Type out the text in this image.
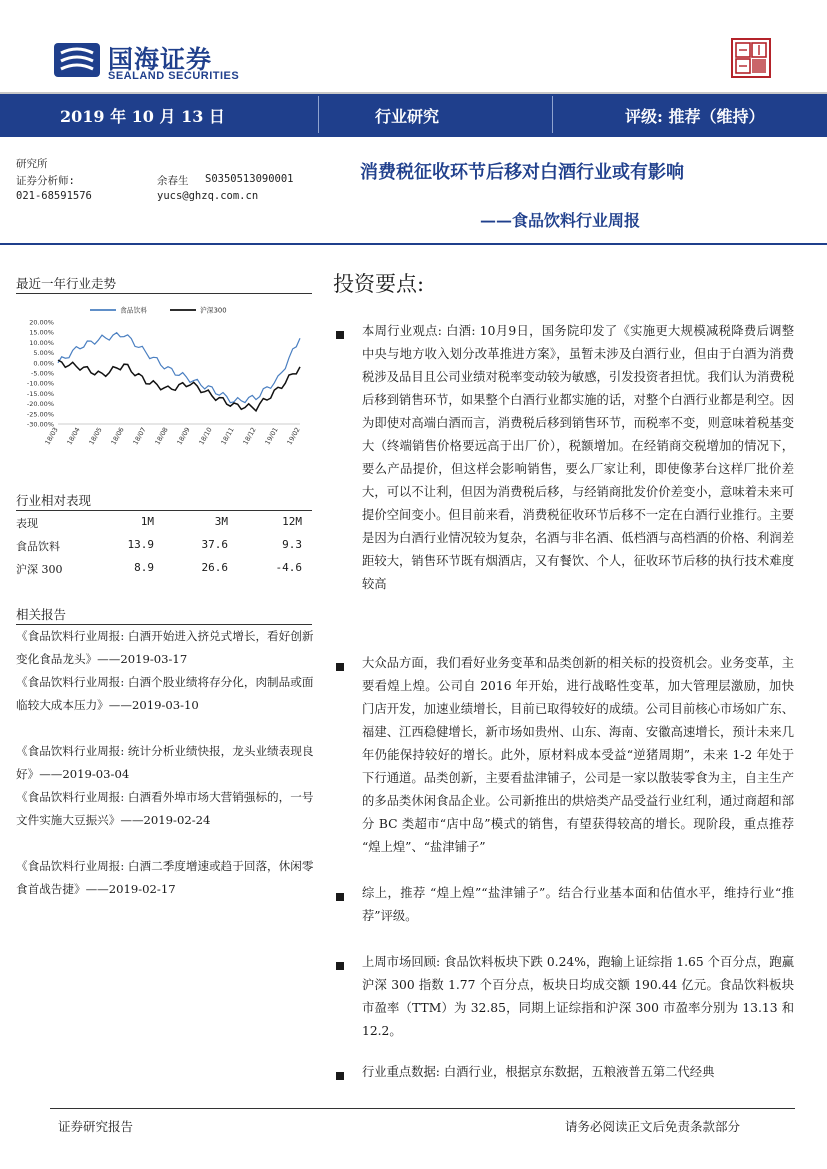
国海证券
SEALAND SECURITIES
2019 年 10 月 13 日	行业研究	评级: 推荐（维持）
研究所
证券分析师:	余春生 S0350513090001
021-68591576	yucs@ghzq.com.cn
消费税征收环节后移对白酒行业或有影响
——食品饮料行业周报
最近一年行业走势
20.00%
15.00%
10.00%
5.00%
0.00%
-5.00%
-10.00%
-15.00%
-20.00%
-25.00%
-30.00%
18/03 18/04 18/05 18/06 18/07 18/08 18/09 18/10 18/11 18/12 19/01 19/02
食品饮料	沪深300
行业相对表现
表现	1M	3M	12M
食品饮料	13.9	37.6	9.3
沪深 300	8.9	26.6	-4.6
相关报告
《食品饮料行业周报: 白酒开始进入挤兑式增长，看好创新变化食品龙头》——2019-03-17
《食品饮料行业周报: 白酒个股业绩将存分化，肉制品或面临较大成本压力》——2019-03-10
《食品饮料行业周报: 统计分析业绩快报，龙头业绩表现良好》——2019-03-04
《食品饮料行业周报: 白酒看外埠市场大营销强标的，一号文件实施大豆振兴》——2019-02-24
《食品饮料行业周报: 白酒二季度增速或趋于回落，休闲零食首战告捷》——2019-02-17
投资要点:
本周行业观点: 白酒: 10月9日，国务院印发了《实施更大规模减税降费后调整中央与地方收入划分改革推进方案》，虽暂未涉及白酒行业，但由于白酒为消费税涉及品目且公司业绩对税率变动较为敏感，引发投资者担忧。我们认为消费税后移到销售环节，如果整个白酒行业都实施的话，对整个白酒行业都是利空。因为即使对高端白酒而言，消费税后移到销售环节，而税率不变，则意味着税基变大（终端销售价格要远高于出厂价），税额增加。在经销商交税增加的情况下，要么产品提价，但这样会影响销售，要么厂家让利，即使像茅台这样厂批价差大，可以不让利，但因为消费税后移，与经销商批发价价差变小，意味着未来可提价空间变小。但目前来看，消费税征收环节后移不一定在白酒行业推行。主要是因为白酒行业情况较为复杂，名酒与非名酒、低档酒与高档酒的价格、利润差距较大，销售环节既有烟酒店，又有餐饮、个人，征收环节后移的执行技术难度较高
大众品方面，我们看好业务变革和品类创新的相关标的投资机会。业务变革，主要看煌上煌。公司自 2016 年开始，进行战略性变革，加大管理层激励，加快门店开发，加速业绩增长，目前已取得较好的成绩。公司目前核心市场如广东、福建、江西稳健增长，新市场如贵州、山东、海南、安徽高速增长，预计未来几年仍能保持较好的增长。此外，原材料成本受益“逆猪周期”，未来 1-2 年处于下行通道。品类创新，主要看盐津铺子，公司是一家以散装零食为主，自主生产的多品类休闲食品企业。公司新推出的烘焙类产品受益行业红利，通过商超和部分 BC 类超市“店中岛”模式的销售，有望获得较高的增长。现阶段，重点推荐 “煌上煌”、“盐津铺子”
综上，推荐 “煌上煌”“盐津铺子”。结合行业基本面和估值水平，维持行业“推荐”评级。
上周市场回顾: 食品饮料板块下跌 0.24%，跑输上证综指 1.65 个百分点，跑赢沪深 300 指数 1.77 个百分点，板块日均成交额 190.44 亿元。食品饮料板块市盈率（TTM）为 32.85，同期上证综指和沪深 300 市盈率分别为 13.13 和 12.2。
行业重点数据: 白酒行业，根据京东数据，五粮液普五第二代经典
证券研究报告	请务必阅读正文后免责条款部分
